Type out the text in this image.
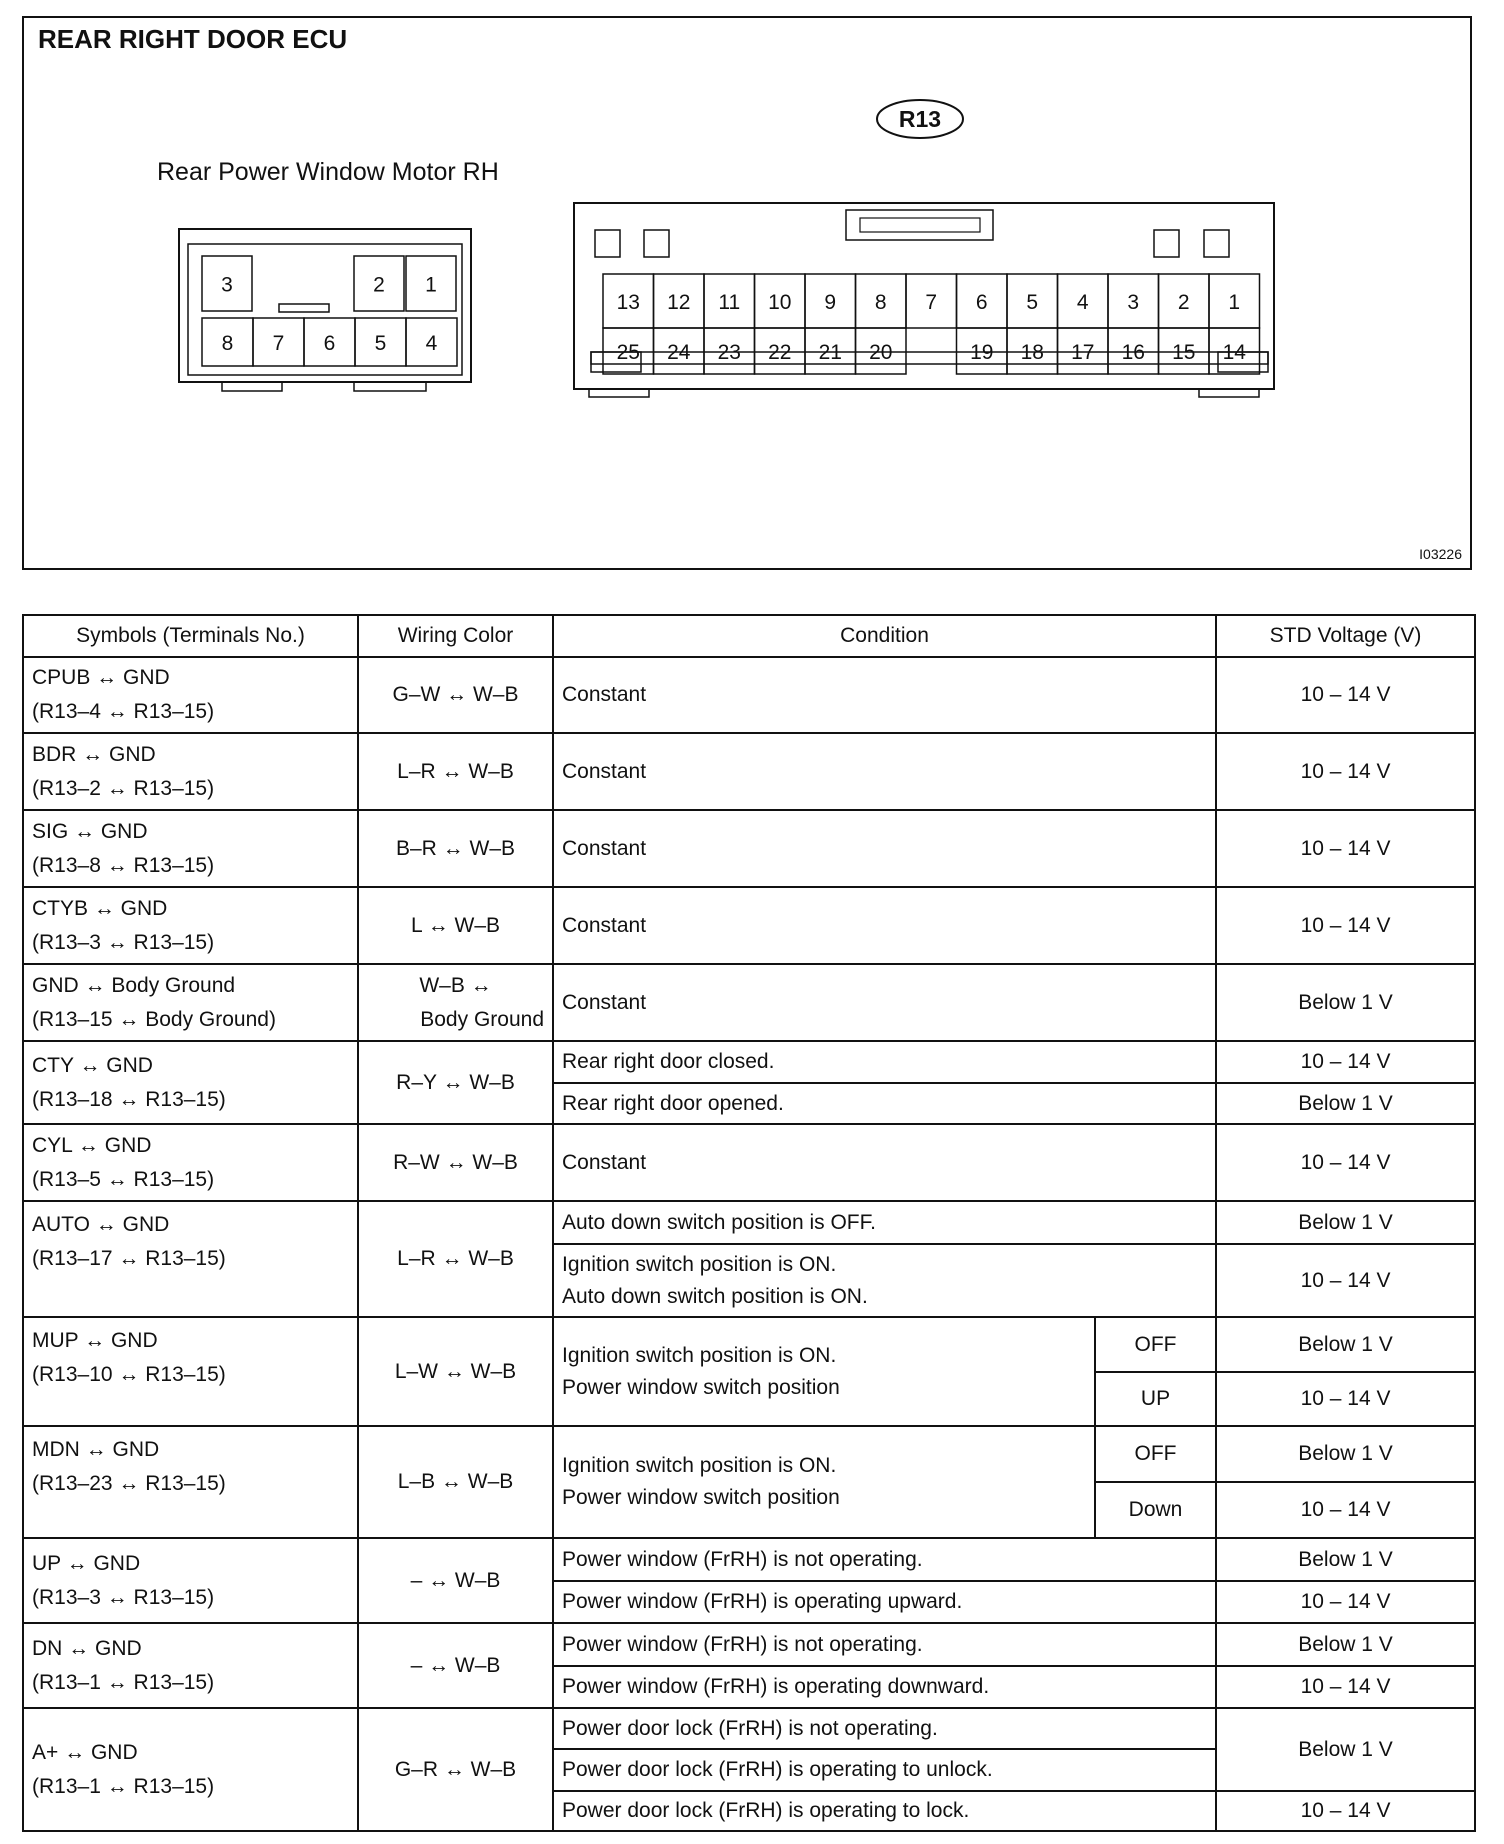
REAR RIGHT DOOR ECU
R13
Rear Power Window Motor RH
3	2 1
8 7 6 5 4
13 12 11 10 9 8 7 6 5 4 3 2 1
25 24 23 22 21 20	19 18 17 16 15 14
I03226
Symbols (Terminals No.)	Wiring Color	Condition		STD Voltage (V)

CPUB ↔ GND
(R13–4 ↔ R13–15)	G–W ↔ W–B	Constant		10 – 14 V

BDR ↔ GND
(R13–2 ↔ R13–15)	L–R ↔ W–B	Constant		10 – 14 V

SIG ↔ GND
(R13–8 ↔ R13–15)	B–R ↔ W–B	Constant		10 – 14 V

CTYB ↔ GND
(R13–3 ↔ R13–15)	L ↔ W–B	Constant		10 – 14 V

GND ↔ Body Ground
(R13–15 ↔ Body Ground)	W–B ↔
Body Ground	Constant		Below 1 V

CTY ↔ GND
(R13–18 ↔ R13–15)	R–Y ↔ W–B	Rear right door closed.		10 – 14 V
		Rear right door opened.		Below 1 V

CYL ↔ GND
(R13–5 ↔ R13–15)	R–W ↔ W–B	Constant		10 – 14 V

AUTO ↔ GND
(R13–17 ↔ R13–15)	L–R ↔ W–B	Auto down switch position is OFF.		Below 1 V

		Ignition switch position is ON.
Auto down switch position is ON.		10 – 14 V

MUP ↔ GND
(R13–10 ↔ R13–15)	L–W ↔ W–B	Ignition switch position is ON.
Power window switch position	OFF	Below 1 V
			UP	10 – 14 V

MDN ↔ GND
(R13–23 ↔ R13–15)	L–B ↔ W–B	Ignition switch position is ON.
Power window switch position	OFF	Below 1 V
			Down	10 – 14 V

UP ↔ GND
(R13–3 ↔ R13–15)	– ↔ W–B	Power window (FrRH) is not operating.		Below 1 V
		Power window (FrRH) is operating upward.		10 – 14 V

DN ↔ GND
(R13–1 ↔ R13–15)	– ↔ W–B	Power window (FrRH) is not operating.		Below 1 V
		Power window (FrRH) is operating downward.		10 – 14 V

A+ ↔ GND
(R13–1 ↔ R13–15)	G–R ↔ W–B	Power door lock (FrRH) is not operating.		Below 1 V
		Power door lock (FrRH) is operating to unlock.		
		Power door lock (FrRH) is operating to lock.		10 – 14 V
